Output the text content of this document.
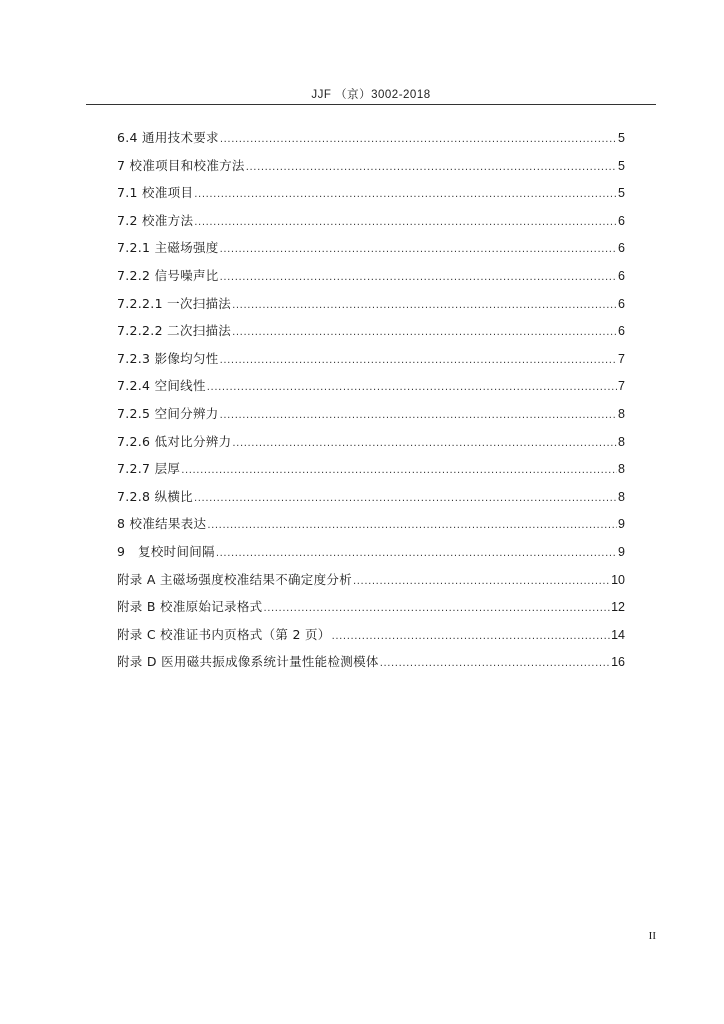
JJF （京）3002-2018
6.4 通用技术要求 .....	5
7 校准项目和校准方法 .....	5
7.1 校准项目 .....	5
7.2 校准方法 .....	6
7.2.1 主磁场强度 .....	6
7.2.2 信号噪声比 .....	6
7.2.2.1 一次扫描法 .....	6
7.2.2.2 二次扫描法 .....	6
7.2.3 影像均匀性 .....	7
7.2.4 空间线性 .....	7
7.2.5 空间分辨力 .....	8
7.2.6 低对比分辨力 .....	8
7.2.7 层厚 .....	8
7.2.8 纵横比 .....	8
8 校准结果表达 .....	9
9　复校时间间隔 .....	9
附录 A 主磁场强度校准结果不确定度分析 .....	10
附录 B 校准原始记录格式 .....	12
附录 C 校准证书内页格式（第 2 页） .....	14
附录 D 医用磁共振成像系统计量性能检测模体 .....	16
II
